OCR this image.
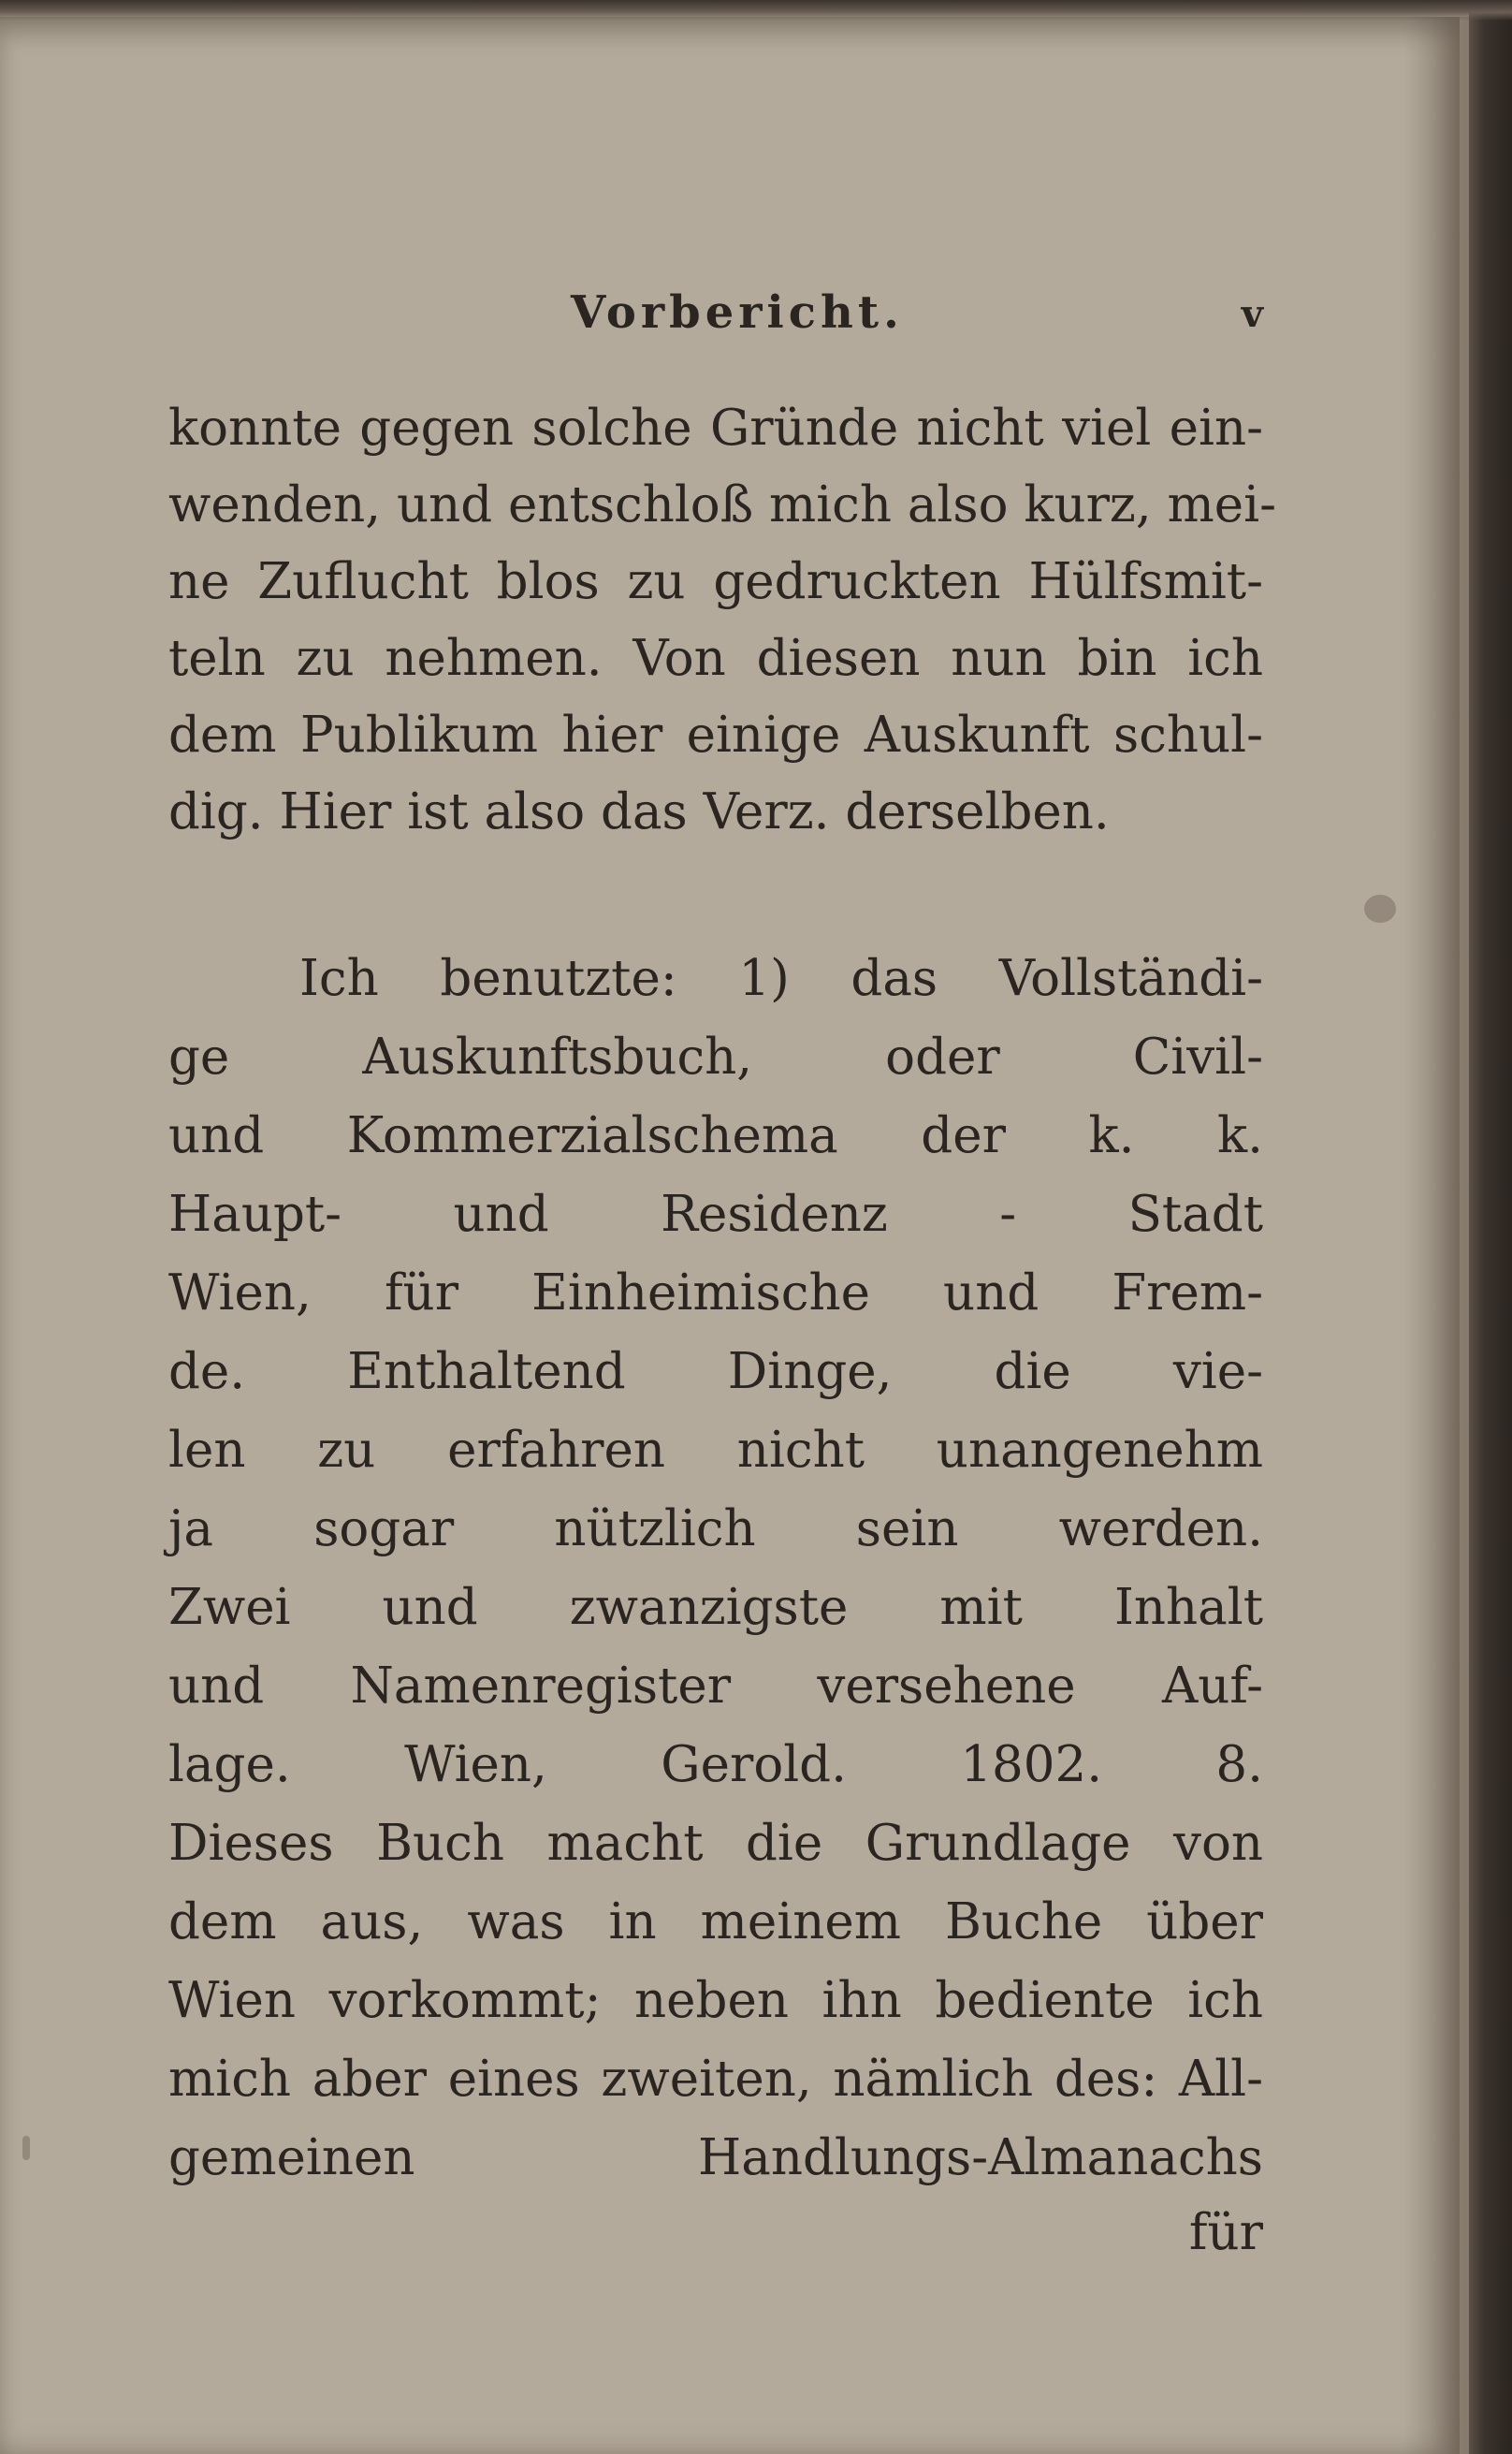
Vorbericht.	v
konnte gegen solche Gründe nicht viel ein-
wenden, und entschloß mich also kurz, mei-
ne Zuflucht blos zu gedruckten Hülfsmit-
teln zu nehmen. Von diesen nun bin ich
dem Publikum hier einige Auskunft schul-
dig. Hier ist also das Verz. derselben.
Ich benutzte: 1) das Vollständi-
ge Auskunftsbuch, oder Civil-
und Kommerzialschema der k. k.
Haupt- und Residenz - Stadt
Wien, für Einheimische und Frem-
de. Enthaltend Dinge, die vie-
len zu erfahren nicht unangenehm
ja sogar nützlich sein werden.
Zwei und zwanzigste mit Inhalt
und Namenregister versehene Auf-
lage. Wien, Gerold. 1802. 8.
Dieses Buch macht die Grundlage von
dem aus, was in meinem Buche über
Wien vorkommt; neben ihn bediente ich
mich aber eines zweiten, nämlich des: All-
gemeinen Handlungs-Almanachs
für
